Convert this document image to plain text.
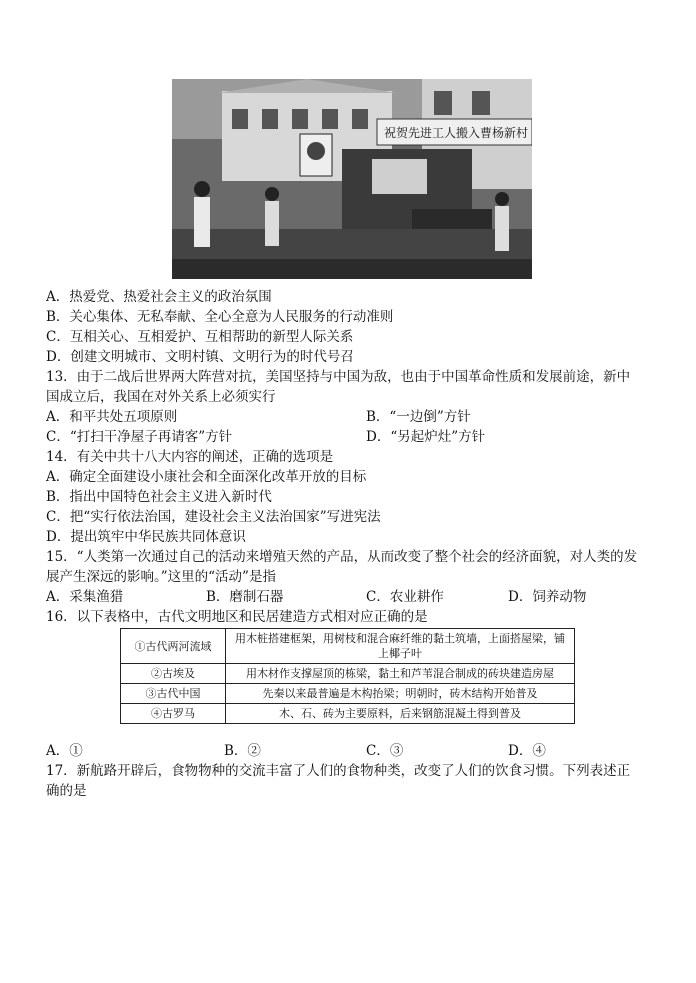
祝贺先进工人搬入曹杨新村
A．热爱党、热爱社会主义的政治氛围
B．关心集体、无私奉献、全心全意为人民服务的行动准则
C．互相关心、互相爱护、互相帮助的新型人际关系
D．创建文明城市、文明村镇、文明行为的时代号召
13．由于二战后世界两大阵营对抗，美国坚持与中国为敌，也由于中国革命性质和发展前途，新中
国成立后，我国在对外关系上必须实行
A．和平共处五项原则	B．“一边倒”方针
C．“打扫干净屋子再请客”方针	D．“另起炉灶”方针
14．有关中共十八大内容的阐述，正确的选项是
A．确定全面建设小康社会和全面深化改革开放的目标
B．指出中国特色社会主义进入新时代
C．把“实行依法治国，建设社会主义法治国家”写进宪法
D．提出筑牢中华民族共同体意识
15．“人类第一次通过自己的活动来增殖天然的产品，从而改变了整个社会的经济面貌，对人类的发
展产生深远的影响。”这里的“活动”是指
A．采集渔猎	B．磨制石器	C．农业耕作	D．饲养动物
16．以下表格中，古代文明地区和民居建造方式相对应正确的是
①古代两河流域	用木桩搭建框架，用树枝和混合麻纤维的黏土筑墙，上面搭屋梁，铺上椰子叶
②古埃及	用木材作支撑屋顶的栋梁，黏土和芦苇混合制成的砖块建造房屋
③古代中国	先秦以来最普遍是木构抬梁；明朝时，砖木结构开始普及
④古罗马	木、石、砖为主要原料，后来钢筋混凝土得到普及
A．①	B．②	C．③	D．④
17．新航路开辟后，食物物种的交流丰富了人们的食物种类，改变了人们的饮食习惯。下列表述正
确的是
